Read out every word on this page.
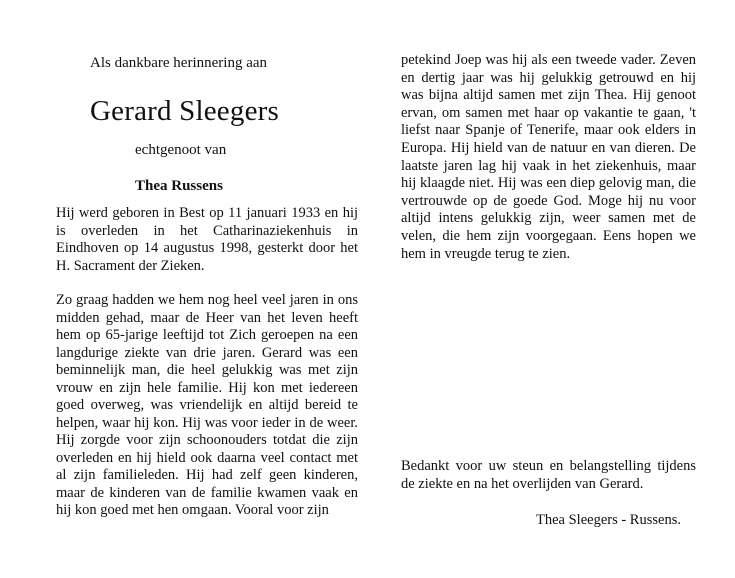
Als dankbare herinnering aan
Gerard Sleegers
echtgenoot van
Thea Russens

Hij werd geboren in Best op 11 januari 1933 en hij is overleden in het Catharinaziekenhuis in Eindhoven op 14 augustus 1998, gesterkt door het H. Sacrament der Zieken.

Zo graag hadden we hem nog heel veel jaren in ons midden gehad, maar de Heer van het leven heeft hem op 65-jarige leeftijd tot Zich geroepen na een langdurige ziekte van drie jaren. Gerard was een beminnelijk man, die heel gelukkig was met zijn vrouw en zijn hele familie. Hij kon met iedereen goed overweg, was vriendelijk en altijd bereid te helpen, waar hij kon. Hij was voor ieder in de weer. Hij zorgde voor zijn schoonouders totdat die zijn overleden en hij hield ook daarna veel contact met al zijn familieleden. Hij had zelf geen kinderen, maar de kinderen van de familie kwamen vaak en hij kon goed met hen omgaan. Vooral voor zijn

petekind Joep was hij als een tweede vader. Zeven en dertig jaar was hij gelukkig getrouwd en hij was bijna altijd samen met zijn Thea. Hij genoot ervan, om samen met haar op vakantie te gaan, 't liefst naar Spanje of Tenerife, maar ook elders in Europa. Hij hield van de natuur en van dieren. De laatste jaren lag hij vaak in het ziekenhuis, maar hij klaagde niet. Hij was een diep gelovig man, die vertrouwde op de goede God. Moge hij nu voor altijd intens gelukkig zijn, weer samen met de velen, die hem zijn voorgegaan. Eens hopen we hem in vreugde terug te zien.

Bedankt voor uw steun en belangstelling tijdens de ziekte en na het overlijden van Gerard.

Thea Sleegers - Russens.
